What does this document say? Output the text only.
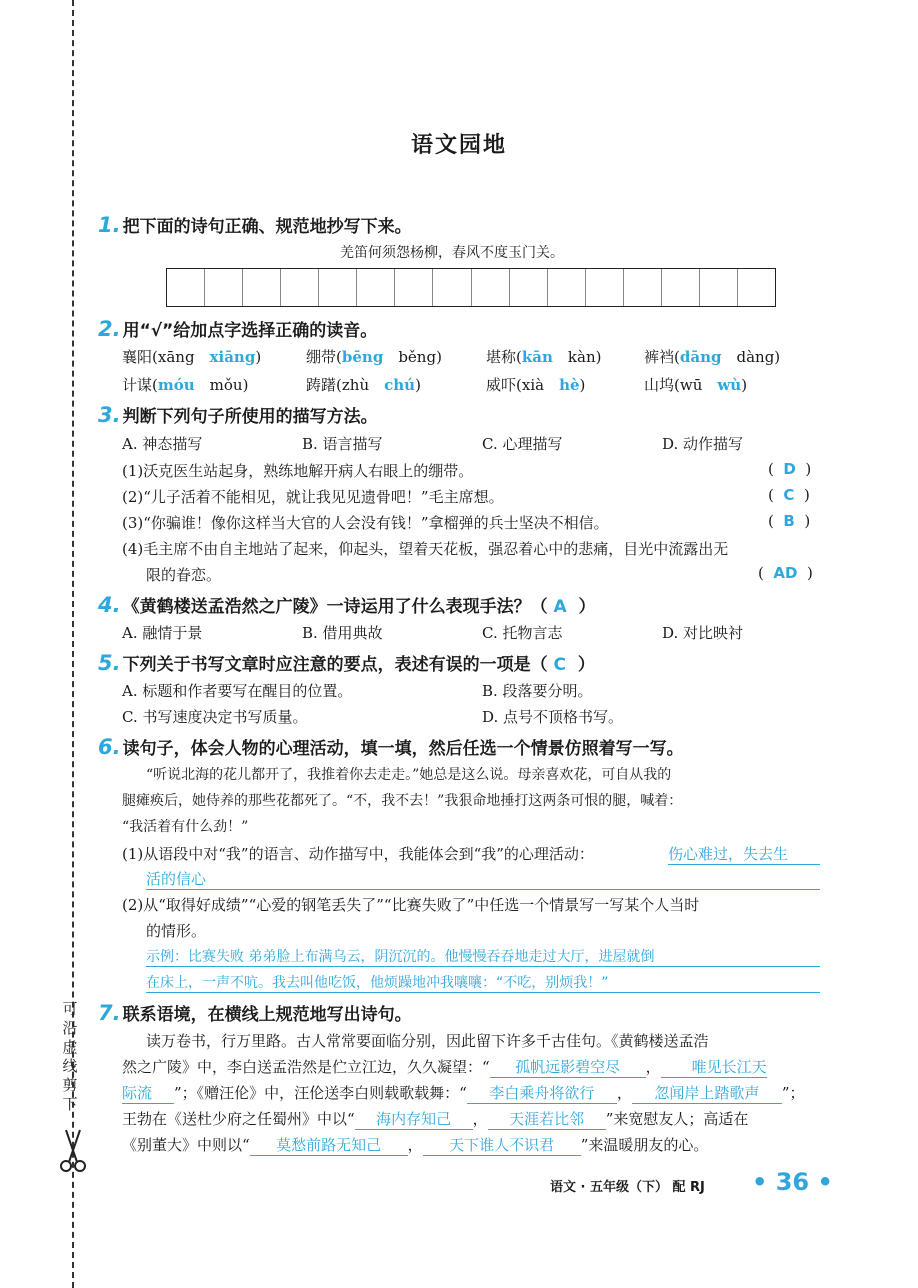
可沿虚线剪下
语文园地
1. 把下面的诗句正确、规范地抄写下来。
羌笛何须怨杨柳，春风不度玉门关。
2. 用“√”给加点字选择正确的读音。
襄阳(xāng   xiāng)	绷带(bēng   běng)	堪称(kān   kàn)	裤裆(dāng   dàng)
计谋(móu   mǒu)	踌躇(zhù   chú)	威吓(xià   hè)	山坞(wū   wù)
3. 判断下列句子所使用的描写方法。
A. 神态描写	B. 语言描写	C. 心理描写	D. 动作描写
(1)沃克医生站起身，熟练地解开病人右眼上的绷带。	(  D  )
(2)“儿子活着不能相见，就让我见见遗骨吧！”毛主席想。	(  C  )
(3)“你骗谁！像你这样当大官的人会没有钱！”拿榴弹的兵士坚决不相信。	(  B  )
(4)毛主席不由自主地站了起来，仰起头，望着天花板，强忍着心中的悲痛，目光中流露出无
限的眷恋。	(  AD  )
4. 《黄鹤楼送孟浩然之广陵》一诗运用了什么表现手法？（ A ）
A. 融情于景	B. 借用典故	C. 托物言志	D. 对比映衬
5. 下列关于书写文章时应注意的要点，表述有误的一项是（ C ）
A. 标题和作者要写在醒目的位置。	B. 段落要分明。
C. 书写速度决定书写质量。	D. 点号不顶格书写。
6. 读句子，体会人物的心理活动，填一填，然后任选一个情景仿照着写一写。
“听说北海的花儿都开了，我推着你去走走。”她总是这么说。母亲喜欢花，可自从我的
腿瘫痪后，她侍养的那些花都死了。“不，我不去！”我狠命地捶打这两条可恨的腿，喊着：
“我活着有什么劲！”
(1)从语段中对“我”的语言、动作描写中，我能体会到“我”的心理活动：	伤心难过，失去生
活的信心
(2)从“取得好成绩”“心爱的钢笔丢失了”“比赛失败了”中任选一个情景写一写某个人当时
的情形。
示例：比赛失败 弟弟脸上布满乌云，阴沉沉的。他慢慢吞吞地走过大厅，进屋就倒
在床上，一声不吭。我去叫他吃饭，他烦躁地冲我嚷嚷：“不吃，别烦我！”
7. 联系语境，在横线上规范地写出诗句。
读万卷书，行万里路。古人常常要面临分别，因此留下许多千古佳句。《黄鹤楼送孟浩
然之广陵》中，李白送孟浩然是伫立江边，久久凝望：“ 孤帆远影碧空尽 ， 唯见长江天
际流 ”；《赠汪伦》中，汪伦送李白则载歌载舞：“ 李白乘舟将欲行 ， 忽闻岸上踏歌声 ”；
王勃在《送杜少府之任蜀州》中以“ 海内存知己 ， 天涯若比邻 ”来宽慰友人；高适在
《别董大》中则以“ 莫愁前路无知己 ， 天下谁人不识君 ”来温暖朋友的心。
语文 · 五年级（下） 配 RJ • 36 •
